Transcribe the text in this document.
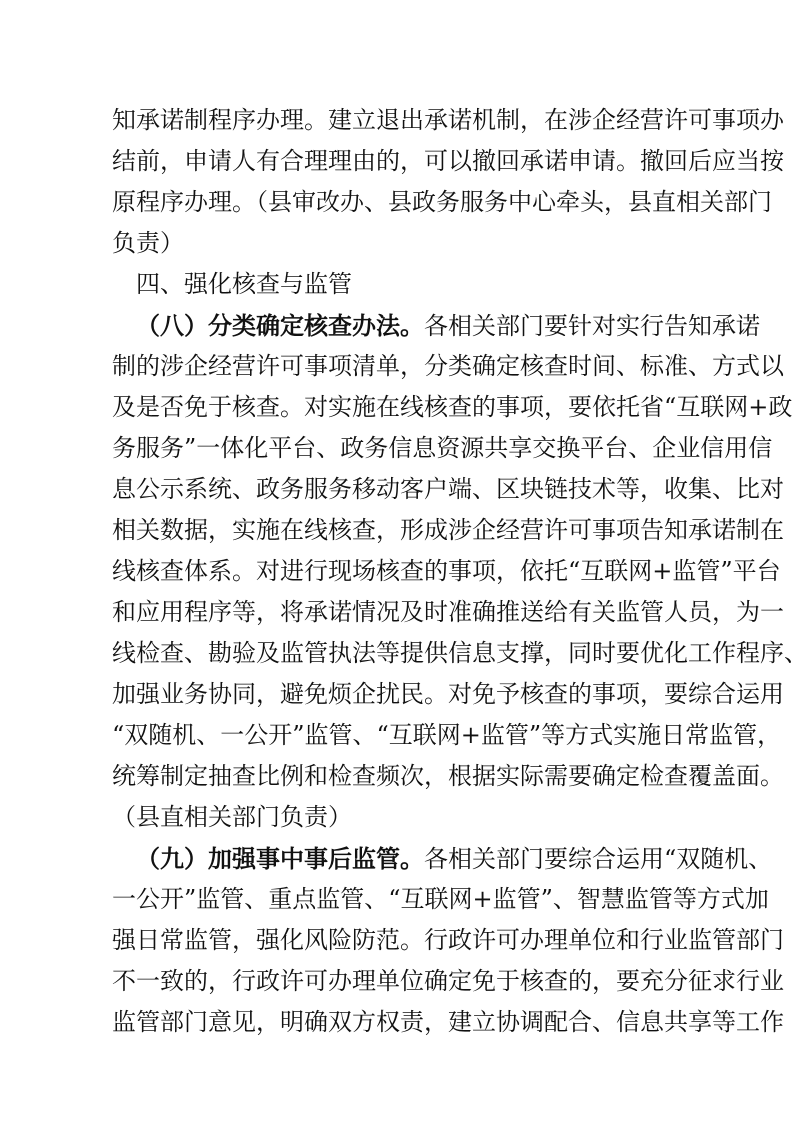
知承诺制程序办理。建立退出承诺机制，在涉企经营许可事项办
结前，申请人有合理理由的，可以撤回承诺申请。撤回后应当按
原程序办理。（县审改办、县政务服务中心牵头，县直相关部门
负责）
四、强化核查与监管
（八）分类确定核查办法。各相关部门要针对实行告知承诺
制的涉企经营许可事项清单，分类确定核查时间、标准、方式以
及是否免于核查。对实施在线核查的事项，要依托省“互联网+政
务服务”一体化平台、政务信息资源共享交换平台、企业信用信
息公示系统、政务服务移动客户端、区块链技术等，收集、比对
相关数据，实施在线核查，形成涉企经营许可事项告知承诺制在
线核查体系。对进行现场核查的事项，依托“互联网+监管”平台
和应用程序等，将承诺情况及时准确推送给有关监管人员，为一
线检查、勘验及监管执法等提供信息支撑，同时要优化工作程序、
加强业务协同，避免烦企扰民。对免予核查的事项，要综合运用
“双随机、一公开”监管、“互联网+监管”等方式实施日常监管，
统筹制定抽查比例和检查频次，根据实际需要确定检查覆盖面。
（县直相关部门负责）
（九）加强事中事后监管。各相关部门要综合运用“双随机、
一公开”监管、重点监管、“互联网+监管”、智慧监管等方式加
强日常监管，强化风险防范。行政许可办理单位和行业监管部门
不一致的，行政许可办理单位确定免于核查的，要充分征求行业
监管部门意见，明确双方权责，建立协调配合、信息共享等工作
